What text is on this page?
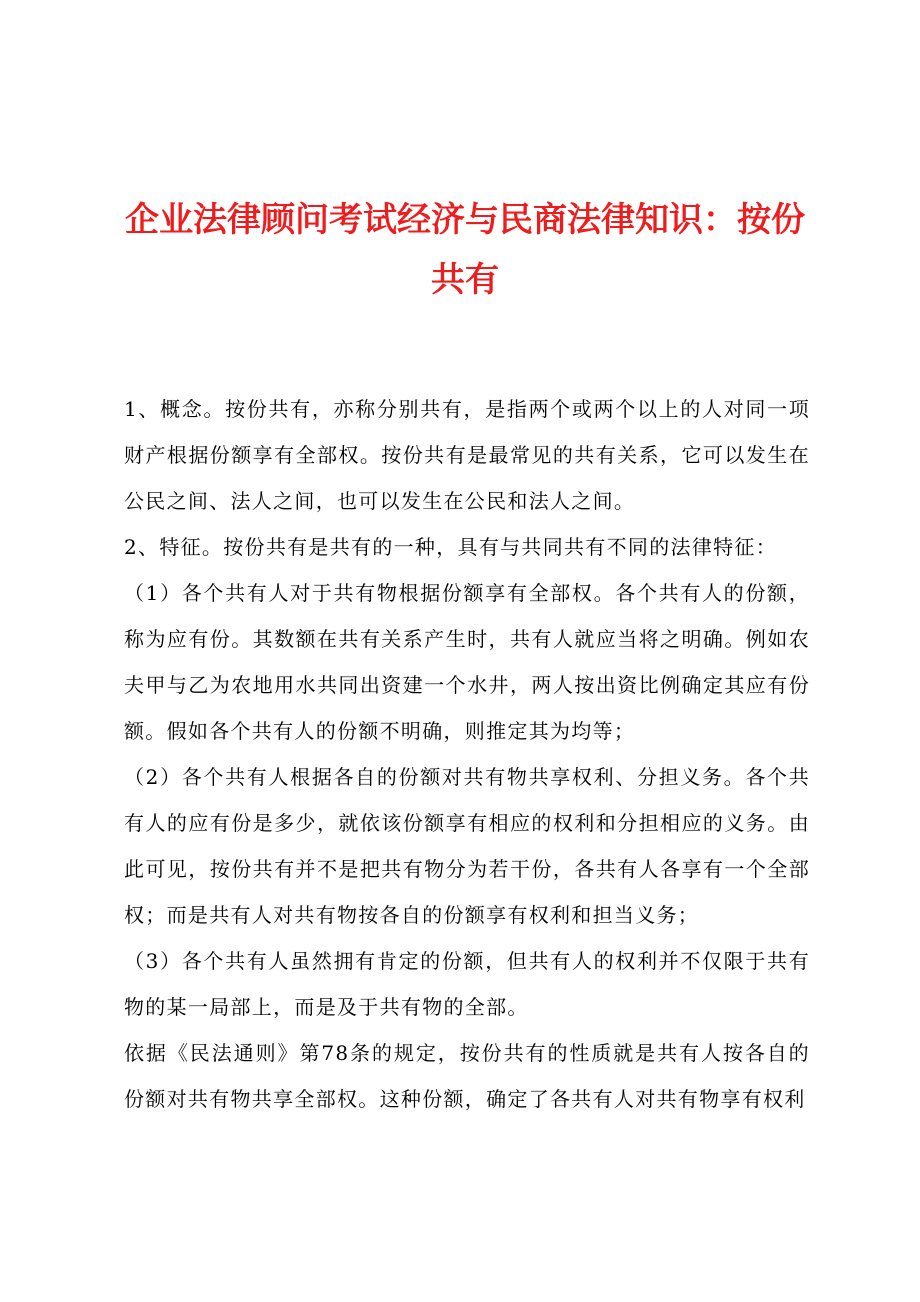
企业法律顾问考试经济与民商法律知识：按份共有

1、概念。按份共有，亦称分别共有，是指两个或两个以上的人对同一项财产根据份额享有全部权。按份共有是最常见的共有关系，它可以发生在公民之间、法人之间，也可以发生在公民和法人之间。

2、特征。按份共有是共有的一种，具有与共同共有不同的法律特征：

（1）各个共有人对于共有物根据份额享有全部权。各个共有人的份额，称为应有份。其数额在共有关系产生时，共有人就应当将之明确。例如农夫甲与乙为农地用水共同出资建一个水井，两人按出资比例确定其应有份额。假如各个共有人的份额不明确，则推定其为均等；

（2）各个共有人根据各自的份额对共有物共享权利、分担义务。各个共有人的应有份是多少，就依该份额享有相应的权利和分担相应的义务。由此可见，按份共有并不是把共有物分为若干份，各共有人各享有一个全部权；而是共有人对共有物按各自的份额享有权利和担当义务；

（3）各个共有人虽然拥有肯定的份额，但共有人的权利并不仅限于共有物的某一局部上，而是及于共有物的全部。

依据《民法通则》第78条的规定，按份共有的性质就是共有人按各自的份额对共有物共享全部权。这种份额，确定了各共有人对共有物享有权利
